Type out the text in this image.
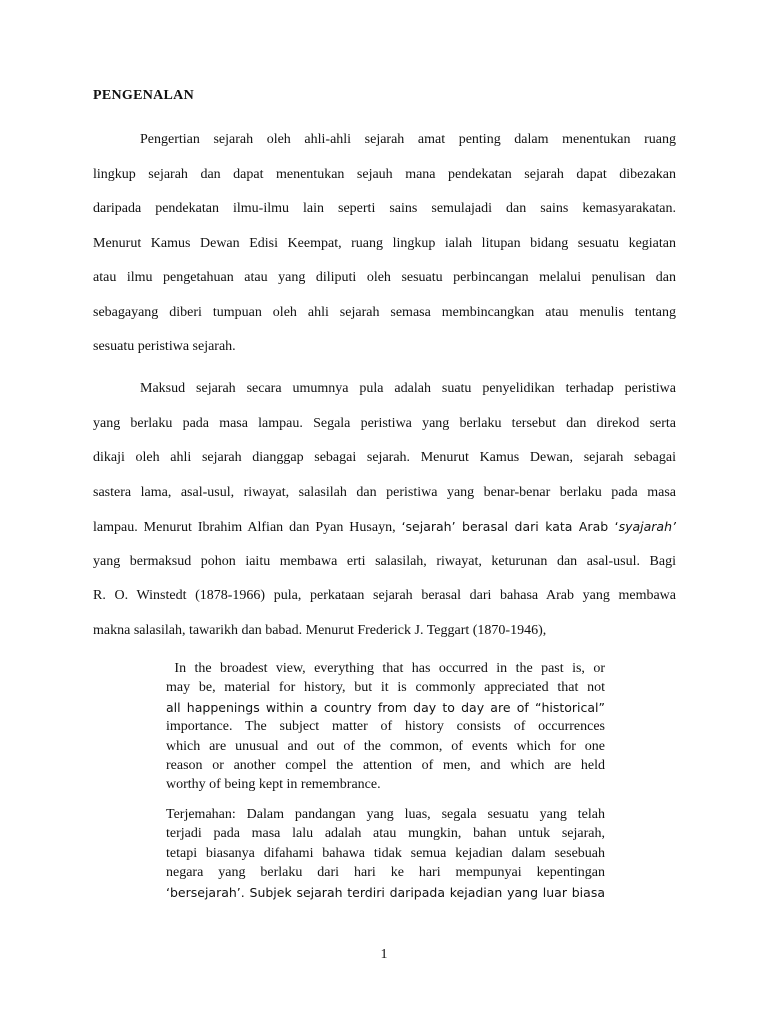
PENGENALAN

Pengertian sejarah oleh ahli-ahli sejarah amat penting dalam menentukan ruang
lingkup sejarah dan dapat menentukan sejauh mana pendekatan sejarah dapat dibezakan
daripada pendekatan ilmu-ilmu lain seperti sains semulajadi dan sains kemasyarakatan.
Menurut Kamus Dewan Edisi Keempat, ruang lingkup ialah litupan bidang sesuatu kegiatan
atau ilmu pengetahuan atau yang diliputi oleh sesuatu perbincangan melalui penulisan dan
sebagayang diberi tumpuan oleh ahli sejarah semasa membincangkan atau menulis tentang
sesuatu peristiwa sejarah.

Maksud sejarah secara umumnya pula adalah suatu penyelidikan terhadap peristiwa
yang berlaku pada masa lampau. Segala peristiwa yang berlaku tersebut dan direkod serta
dikaji oleh ahli sejarah dianggap sebagai sejarah. Menurut Kamus Dewan, sejarah sebagai
sastera lama, asal-usul, riwayat, salasilah dan peristiwa yang benar-benar berlaku pada masa
lampau. Menurut Ibrahim Alfian dan Pyan Husayn, ‘sejarah’ berasal dari kata Arab ‘syajarah’
yang bermaksud pohon iaitu membawa erti salasilah, riwayat, keturunan dan asal-usul. Bagi
R. O. Winstedt (1878-1966) pula, perkataan sejarah berasal dari bahasa Arab yang membawa
makna salasilah, tawarikh dan babad. Menurut Frederick J. Teggart (1870-1946),

In the broadest view, everything that has occurred in the past is, or
may be, material for history, but it is commonly appreciated that not
all happenings within a country from day to day are of “historical”
importance. The subject matter of history consists of occurrences
which are unusual and out of the common, of events which for one
reason or another compel the attention of men, and which are held
worthy of being kept in remembrance.

Terjemahan: Dalam pandangan yang luas, segala sesuatu yang telah
terjadi pada masa lalu adalah atau mungkin, bahan untuk sejarah,
tetapi biasanya difahami bahawa tidak semua kejadian dalam sesebuah
negara yang berlaku dari hari ke hari mempunyai kepentingan
‘bersejarah’. Subjek sejarah terdiri daripada kejadian yang luar biasa

1
